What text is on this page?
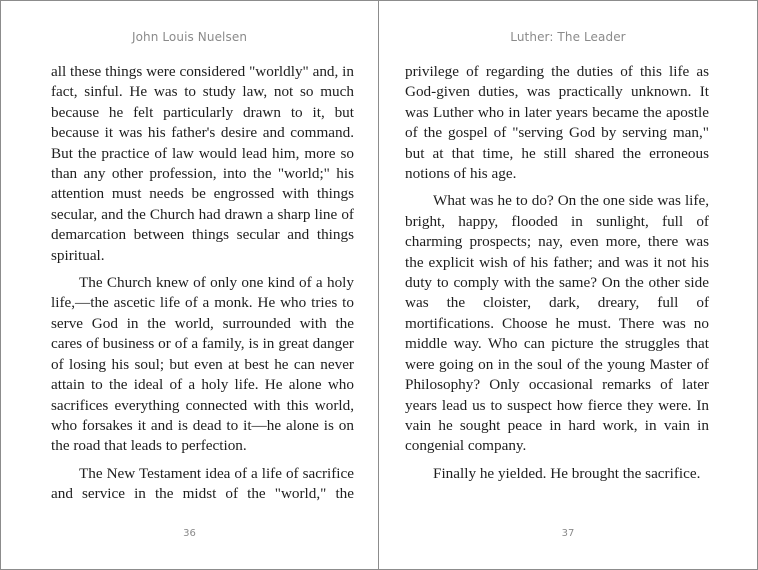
John Louis Nuelsen

all these things were considered "worldly" and, in fact, sinful. He was to study law, not so much because he felt particularly drawn to it, but because it was his father's desire and command. But the practice of law would lead him, more so than any other profession, into the "world;" his attention must needs be engrossed with things secular, and the Church had drawn a sharp line of demarcation between things secular and things spiritual.

The Church knew of only one kind of a holy life,—the ascetic life of a monk. He who tries to serve God in the world, surrounded with the cares of business or of a family, is in great danger of losing his soul; but even at best he can never attain to the ideal of a holy life. He alone who sacrifices everything connected with this world, who forsakes it and is dead to it—he alone is on the road that leads to perfection.

The New Testament idea of a life of sacrifice and service in the midst of the "world," the

36
Luther: The Leader

privilege of regarding the duties of this life as God-given duties, was practically unknown. It was Luther who in later years became the apostle of the gospel of "serving God by serving man," but at that time, he still shared the erroneous notions of his age.

What was he to do? On the one side was life, bright, happy, flooded in sunlight, full of charming prospects; nay, even more, there was the explicit wish of his father; and was it not his duty to comply with the same? On the other side was the cloister, dark, dreary, full of mortifications. Choose he must. There was no middle way. Who can picture the struggles that were going on in the soul of the young Master of Philosophy? Only occasional remarks of later years lead us to suspect how fierce they were. In vain he sought peace in hard work, in vain in congenial company.

Finally he yielded. He brought the sacrifice.

37
